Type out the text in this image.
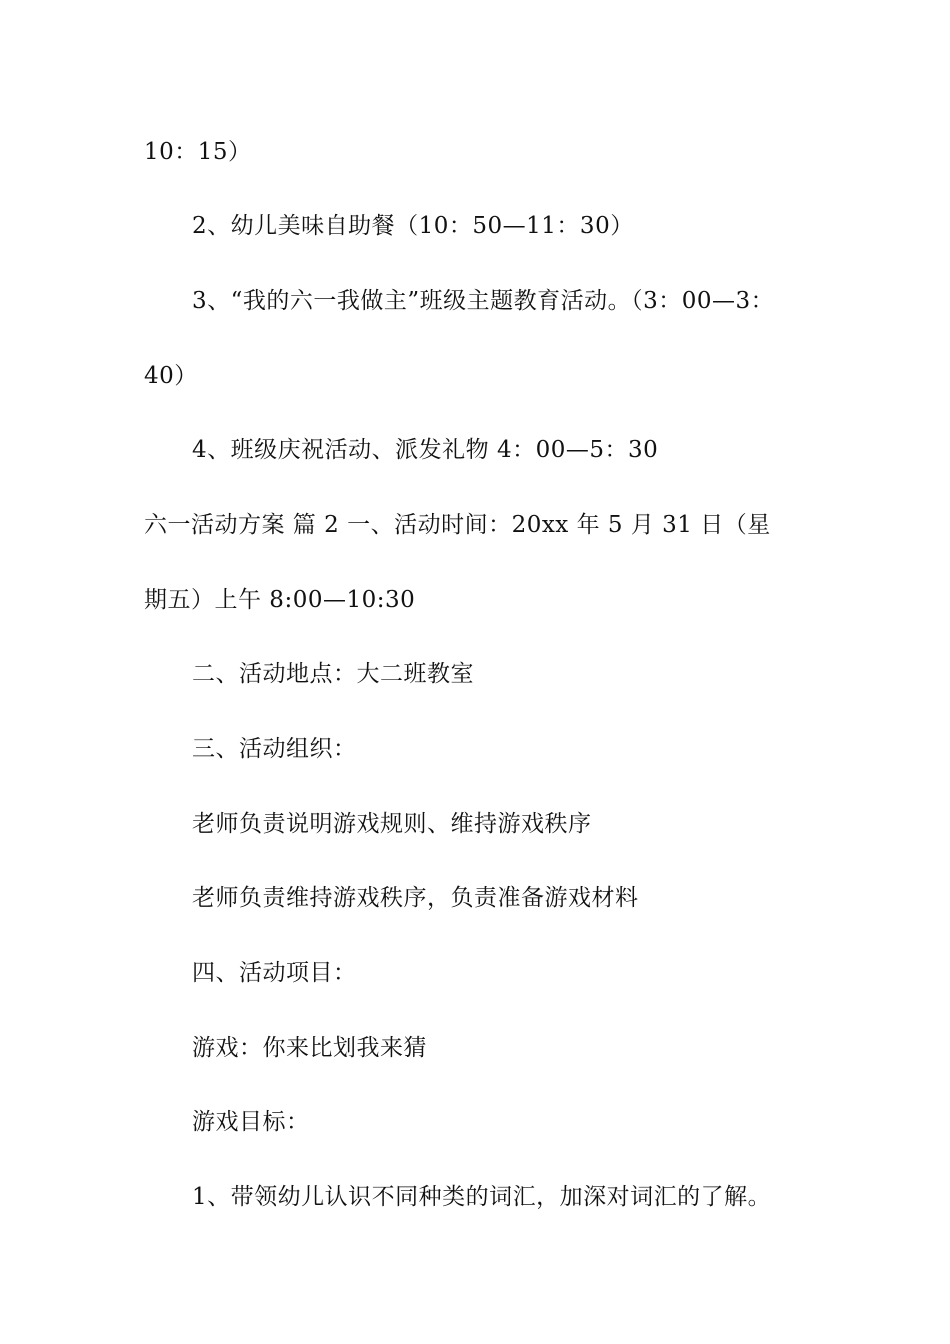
10：15）
2、幼儿美味自助餐（10：50—11：30）
3、“我的六一我做主”班级主题教育活动。（3：00—3：
40）
4、班级庆祝活动、派发礼物 4：00—5：30
六一活动方案 篇 2 一、活动时间：20xx 年 5 月 31 日（星
期五）上午 8:00—10:30
二、活动地点：大二班教室
三、活动组织：
老师负责说明游戏规则、维持游戏秩序
老师负责维持游戏秩序，负责准备游戏材料
四、活动项目：
游戏：你来比划我来猜
游戏目标：
1、带领幼儿认识不同种类的词汇，加深对词汇的了解。
